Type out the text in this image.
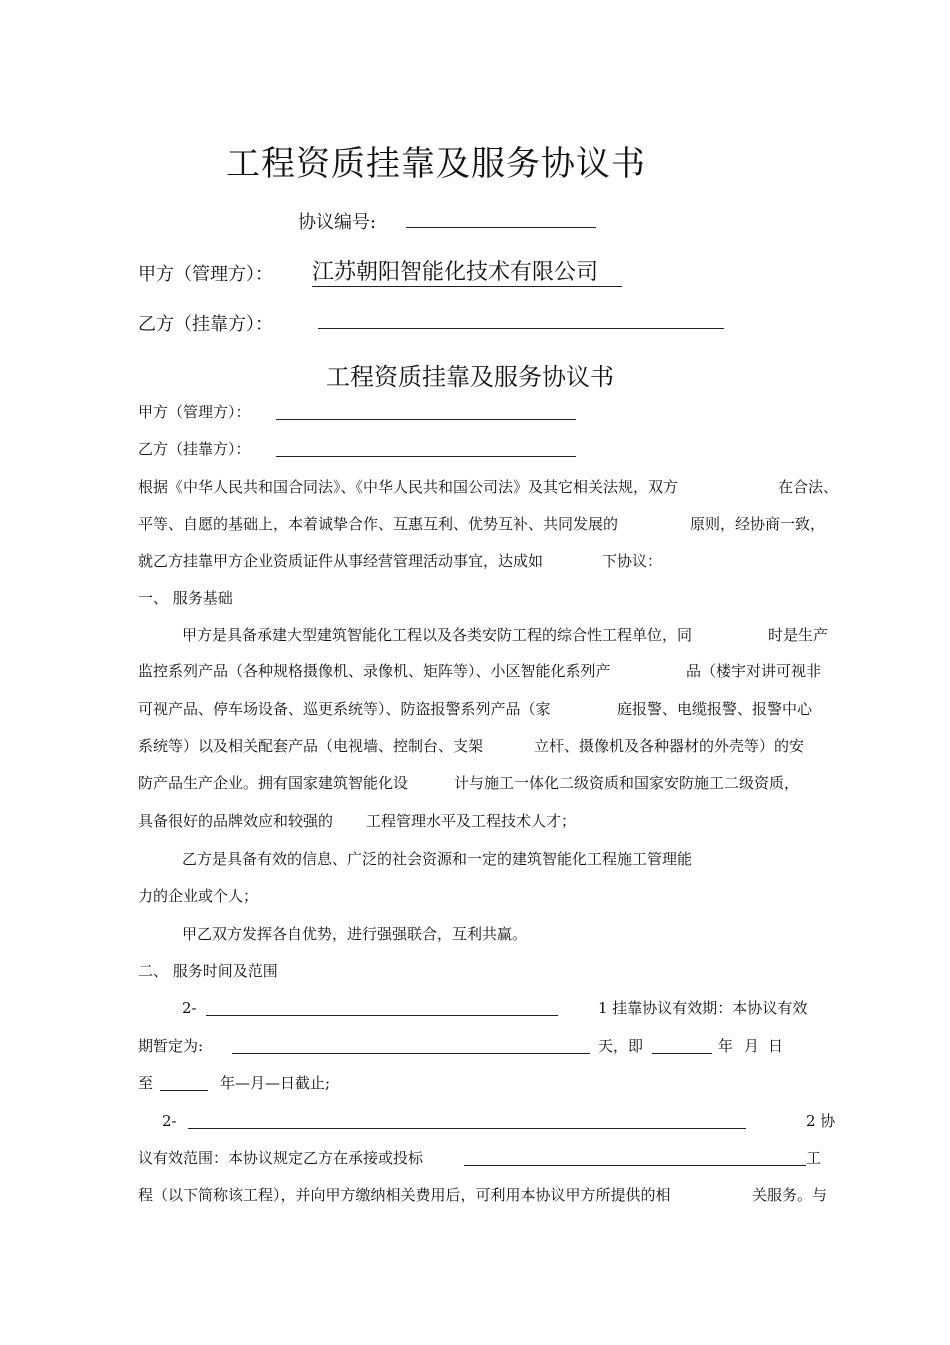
工程资质挂靠及服务协议书
协议编号:
甲方（管理方）： 江苏朝阳智能化技术有限公司
乙方（挂靠方）：
工程资质挂靠及服务协议书
甲方（管理方）：
乙方（挂靠方）：
根据《中华人民共和国合同法》、《中华人民共和国公司法》及其它相关法规，双方	在合法、
平等、自愿的基础上，本着诚挚合作、互惠互利、优势互补、共同发展的	原则，经协商一致，
就乙方挂靠甲方企业资质证件从事经营管理活动事宜，达成如	下协议：
一、 服务基础
甲方是具备承建大型建筑智能化工程以及各类安防工程的综合性工程单位，同	时是生产
监控系列产品（各种规格摄像机、录像机、矩阵等）、小区智能化系列产	品（楼宇对讲可视非
可视产品、停车场设备、巡更系统等）、防盗报警系列产品（家	庭报警、电缆报警、报警中心
系统等）以及相关配套产品（电视墙、控制台、支架	立杆、摄像机及各种器材的外壳等）的安
防产品生产企业。拥有国家建筑智能化设	计与施工一体化二级资质和国家安防施工二级资质，
具备很好的品牌效应和较强的 工程管理水平及工程技术人才；
乙方是具备有效的信息、广泛的社会资源和一定的建筑智能化工程施工管理能
力的企业或个人；
甲乙双方发挥各自优势，进行强强联合，互利共赢。
二、 服务时间及范围
2-	1 挂靠协议有效期：本协议有效
期暂定为:	天，即	年 月 日
至	年—月—日截止;
2-	2 协
议有效范围：本协议规定乙方在承接或投标	工
程（以下简称该工程），并向甲方缴纳相关费用后，可利用本协议甲方所提供的相	关服务。与
